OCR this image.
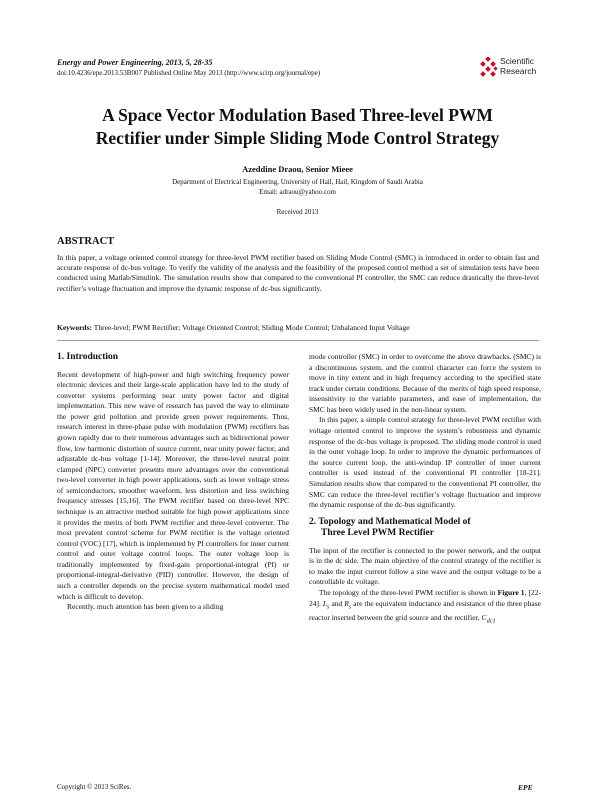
Energy and Power Engineering, 2013, 5, 28-35
doi:10.4236/epe.2013.53B007 Published Online May 2013 (http://www.scirp.org/journal/epe)
Scientific
Research
A Space Vector Modulation Based Three-level PWM
Rectifier under Simple Sliding Mode Control Strategy
Azeddine Draou, Senior Mieee
Department of Electrical Engineering, University of Hail, Hail, Kingdom of Saudi Arabia
Email: adraou@yahoo.com
Received 2013
ABSTRACT
In this paper, a voltage oriented control strategy for three-level PWM rectifier based on Sliding Mode Control (SMC) is introduced in order to obtain fast and accurate response of dc-bus voltage. To verify the validity of the analysis and the feasibility of the proposed control method a set of simulation tests have been conducted using Matlab/Simulink. The simulation results show that compared to the conventional PI controller, the SMC can reduce drastically the three-level rectifier’s voltage fluctuation and improve the dynamic response of dc-bus significantly.
Keywords: Three-level; PWM Rectifier; Voltage Oriented Control; Sliding Mode Control; Unbalanced Input Voltage
1. Introduction

Recent development of high-power and high switching frequency power electronic devices and their large-scale application have led to the study of converter systems performing near unity power factor and digital implementation. This new wave of research has paved the way to eliminate the power grid pollution and provide green power requirements. Thus, research interest in three-phase pulse with modulation (PWM) rectifiers has grown rapidly due to their numerous advantages such as bidirectional power flow, low harmonic distortion of source current, near unity power factor, and adjustable dc-bus voltage [1-14]. Moreover, the three-level neutral point clamped (NPC) converter presents more advantages over the conventional two-level converter in high power applications, such as lower voltage stress of semiconductors, smoother waveform, less distortion and less switching frequency stresses [15,16]. The PWM rectifier based on three-level NPC technique is an attractive method suitable for high power applications since it provides the merits of both PWM rectifier and three-level converter. The most prevalent control scheme for PWM rectifier is the voltage oriented control (VOC) [17], which is implemented by PI controllers for inner current control and outer voltage control loops. The outer voltage loop is traditionally implemented by fixed-gain proportional-integral (PI) or proportional-integral-derivative (PID) controller. However, the design of such a controller depends on the precise system mathematical model used which is difficult to develop.

Recently, much attention has been given to a sliding

mode controller (SMC) in order to overcome the above drawbacks. (SMC) is a discontinuous system, and the control character can force the system to move in tiny extent and in high frequency according to the specified state track under certain conditions. Because of the merits of high speed response, insensitivity to the variable parameters, and ease of implementation, the SMC has been widely used in the non-linear system.

In this paper, a simple control strategy for three-level PWM rectifier with voltage oriented control to improve the system’s robustness and dynamic response of the dc-bus voltage is proposed. The sliding mode control is used in the outer voltage loop. In order to improve the dynamic performances of the source current loop, the anti-windup IP controller of inner current controller is used instead of the conventional PI controller [18-21]. Simulation results show that compared to the conventional PI controller, the SMC can reduce the three-level rectifier’s voltage fluctuation and improve the dynamic response of the dc-bus significantly.

2. Topology and Mathematical Model of
Three Level PWM Rectifier

The input of the rectifier is connected to the power network, and the output is in the dc side. The main objective of the control strategy of the rectifier is to make the input current follow a sine wave and the output voltage to be a controllable dc voltage.

The topology of the three-level PWM rectifier is shown in Figure 1, [22-24]. $L_s$ and $R_s$ are the equivalent inductance and resistance of the three phase reactor inserted between the grid source and the rectifier, $C_{dc1}$

Copyright © 2013 SciRes.	EPE
